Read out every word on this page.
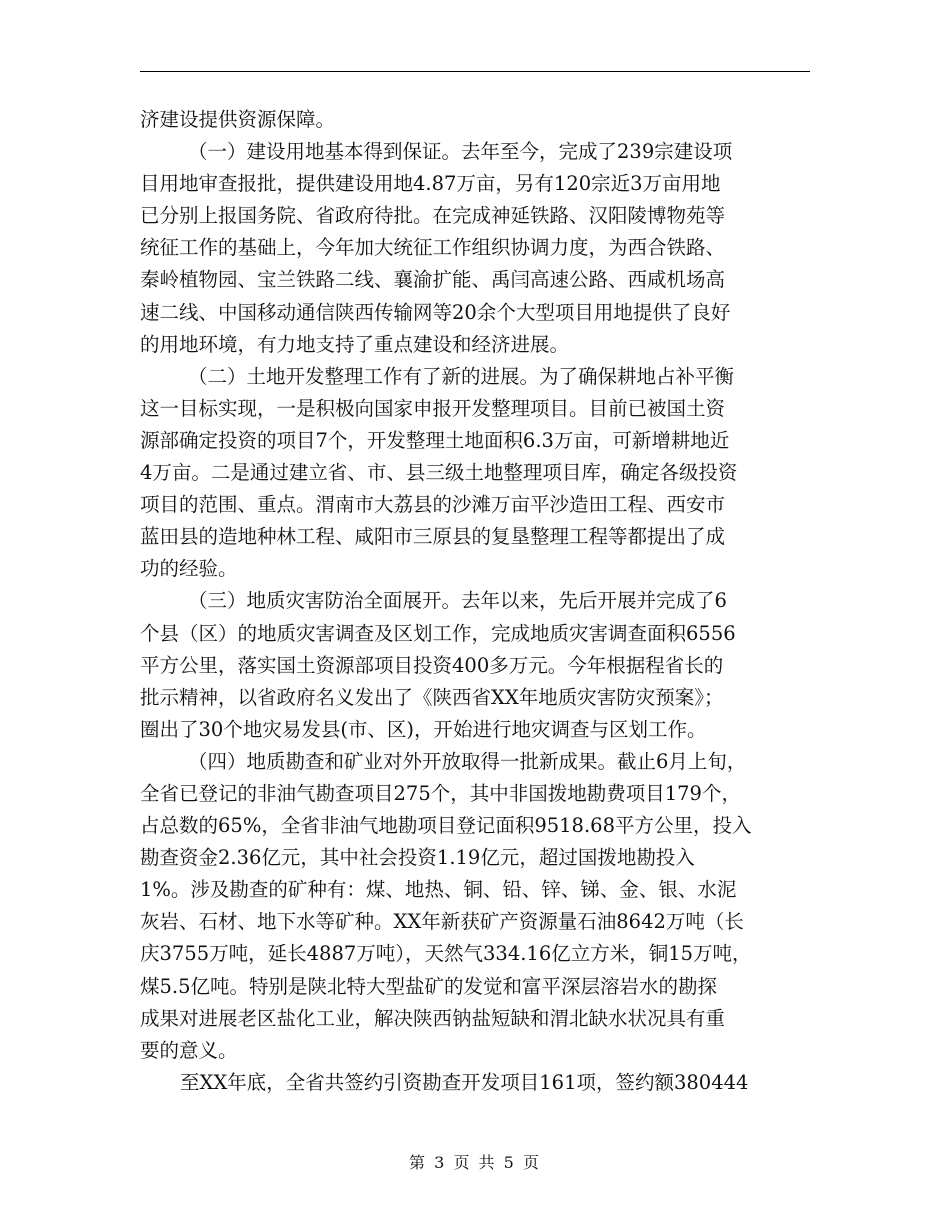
济建设提供资源保障。
（一）建设用地基本得到保证。去年至今，完成了239宗建设项
目用地审查报批，提供建设用地4.87万亩，另有120宗近3万亩用地
已分别上报国务院、省政府待批。在完成神延铁路、汉阳陵博物苑等
统征工作的基础上，今年加大统征工作组织协调力度，为西合铁路、
秦岭植物园、宝兰铁路二线、襄渝扩能、禹闫高速公路、西咸机场高
速二线、中国移动通信陕西传输网等20余个大型项目用地提供了良好
的用地环境，有力地支持了重点建设和经济进展。
（二）土地开发整理工作有了新的进展。为了确保耕地占补平衡
这一目标实现，一是积极向国家申报开发整理项目。目前已被国土资
源部确定投资的项目7个，开发整理土地面积6.3万亩，可新增耕地近
4万亩。二是通过建立省、市、县三级土地整理项目库，确定各级投资
项目的范围、重点。渭南市大荔县的沙滩万亩平沙造田工程、西安市
蓝田县的造地种林工程、咸阳市三原县的复垦整理工程等都提出了成
功的经验。
（三）地质灾害防治全面展开。去年以来，先后开展并完成了6
个县（区）的地质灾害调查及区划工作，完成地质灾害调查面积6556
平方公里，落实国土资源部项目投资400多万元。今年根据程省长的
批示精神，以省政府名义发出了《陕西省XX年地质灾害防灾预案》；
圈出了30个地灾易发县(市、区)，开始进行地灾调查与区划工作。
（四）地质勘查和矿业对外开放取得一批新成果。截止6月上旬，
全省已登记的非油气勘查项目275个，其中非国拨地勘费项目179个，
占总数的65%，全省非油气地勘项目登记面积9518.68平方公里，投入
勘查资金2.36亿元，其中社会投资1.19亿元，超过国拨地勘投入
1%。涉及勘查的矿种有：煤、地热、铜、铅、锌、锑、金、银、水泥
灰岩、石材、地下水等矿种。XX年新获矿产资源量石油8642万吨（长
庆3755万吨，延长4887万吨），天然气334.16亿立方米，铜15万吨，
煤5.5亿吨。特别是陕北特大型盐矿的发觉和富平深层溶岩水的勘探
成果对进展老区盐化工业，解决陕西钠盐短缺和渭北缺水状况具有重
要的意义。
至XX年底，全省共签约引资勘查开发项目161项，签约额380444
第 3 页 共 5 页
